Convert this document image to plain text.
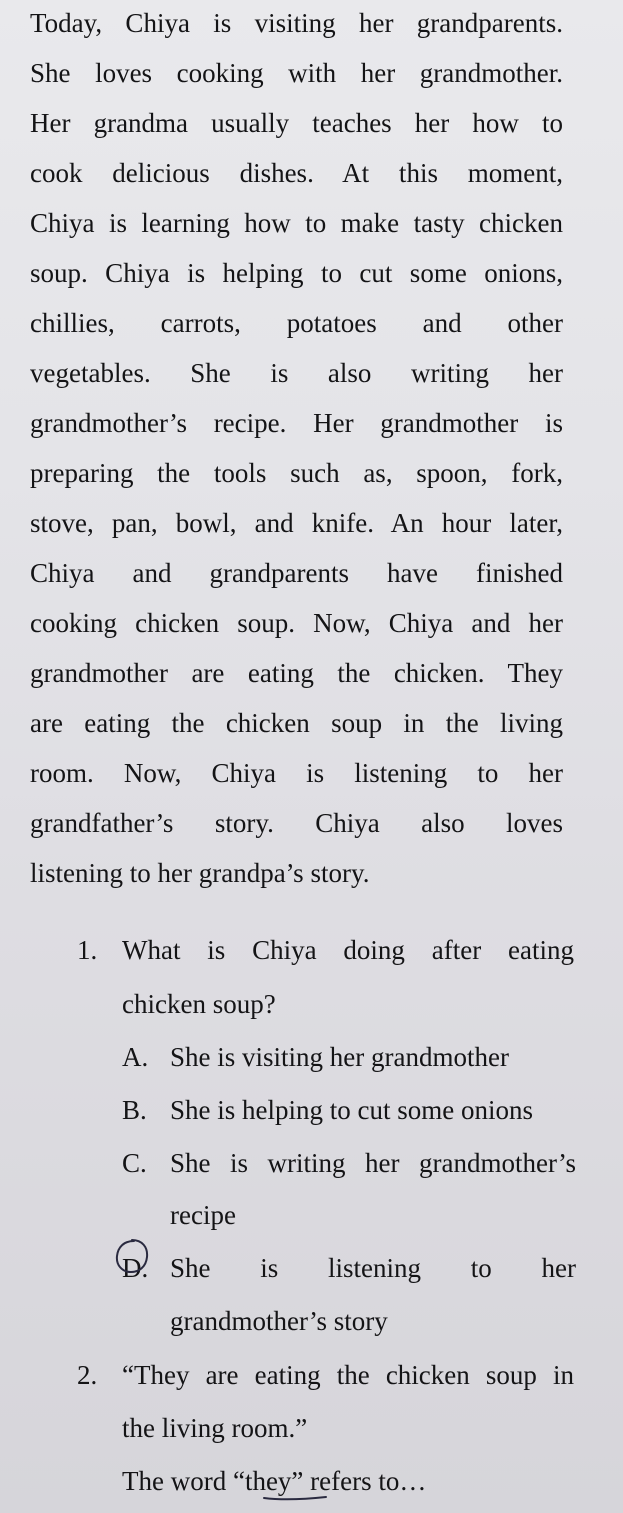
Today, Chiya is visiting her grandparents.
She loves cooking with her grandmother.
Her grandma usually teaches her how to
cook delicious dishes. At this moment,
Chiya is learning how to make tasty chicken
soup. Chiya is helping to cut some onions,
chillies, carrots, potatoes and other
vegetables. She is also writing her
grandmother’s recipe. Her grandmother is
preparing the tools such as, spoon, fork,
stove, pan, bowl, and knife. An hour later,
Chiya and grandparents have finished
cooking chicken soup. Now, Chiya and her
grandmother are eating the chicken. They
are eating the chicken soup in the living
room. Now, Chiya is listening to her
grandfather’s story. Chiya also loves
listening to her grandpa’s story.
1. What is Chiya doing after eating
chicken soup?
A. She is visiting her grandmother
B. She is helping to cut some onions
C. She is writing her grandmother’s
recipe
D. She is listening to her
grandmother’s story
2. “They are eating the chicken soup in
the living room.”
The word “they” refers to…
